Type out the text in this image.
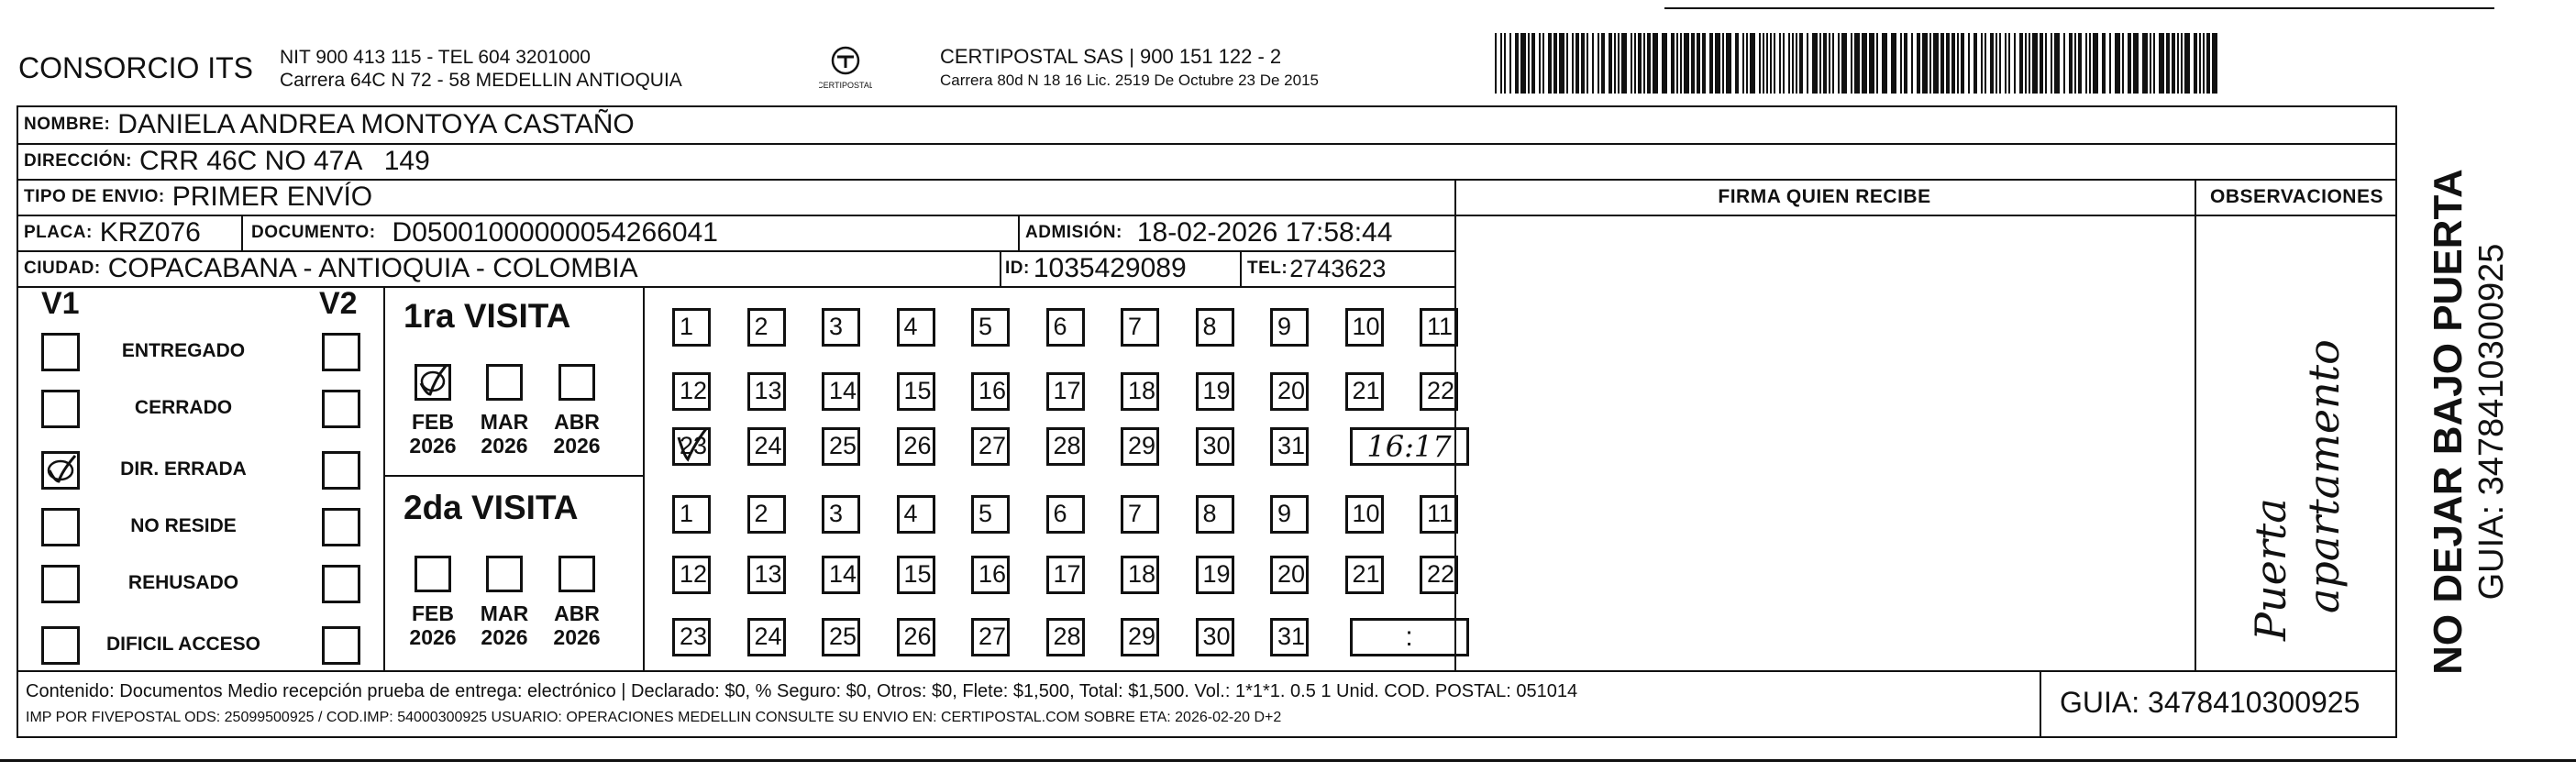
CONSORCIO ITS NIT 900 413 115 - TEL 604 3201000
Carrera 64C N 72 - 58 MEDELLIN ANTIOQUIA	CERTIPOSTAL
CERTIPOSTAL SAS | 900 151 122 - 2
Carrera 80d N 18 16 Lic. 2519 De Octubre 23 De 2015
NOMBRE: DANIELA ANDREA MONTOYA CASTAÑO
DIRECCIÓN: CRR 46C NO 47A   149
TIPO DE ENVIO: PRIMER ENVÍO
PLACA: KRZ076	DOCUMENTO: D05001000000054266041	ADMISIÓN: 18-02-2026 17:58:44
CIUDAD: COPACABANA - ANTIOQUIA - COLOMBIA	ID: 1035429089	TEL: 2743623
FIRMA QUIEN RECIBE	OBSERVACIONES
Puerta apartamento
V1	V2
ENTREGADO
CERRADO
DIR. ERRADA
NO RESIDE
REHUSADO
DIFICIL ACCESO
1ra VISITA
2da VISITA
FEB
2026
MAR
2026
ABR
2026
FEB
2026
MAR
2026
ABR
2026
1	2	3	4	5	6	7	8	9	10 11
12 13 14 15 16 17 18 19 20 21 22
23 24 25 26 27 28 29 30 31	16:17
1	2	3	4	5	6	7	8	9	10 11
12 13 14 15 16 17 18 19 20 21 22
23 24 25 26 27 28 29 30 31	:
Contenido: Documentos Medio recepción prueba de entrega: electrónico | Declarado: $0, % Seguro: $0, Otros: $0, Flete: $1,500, Total: $1,500. Vol.: 1*1*1. 0.5 1 Unid. COD. POSTAL: 051014
IMP POR FIVEPOSTAL ODS: 25099500925 / COD.IMP: 54000300925 USUARIO: OPERACIONES MEDELLIN CONSULTE SU ENVIO EN: CERTIPOSTAL.COM SOBRE ETA: 2026-02-20 D+2	GUIA: 3478410300925
NO DEJAR BAJO PUERTA GUIA: 3478410300925
